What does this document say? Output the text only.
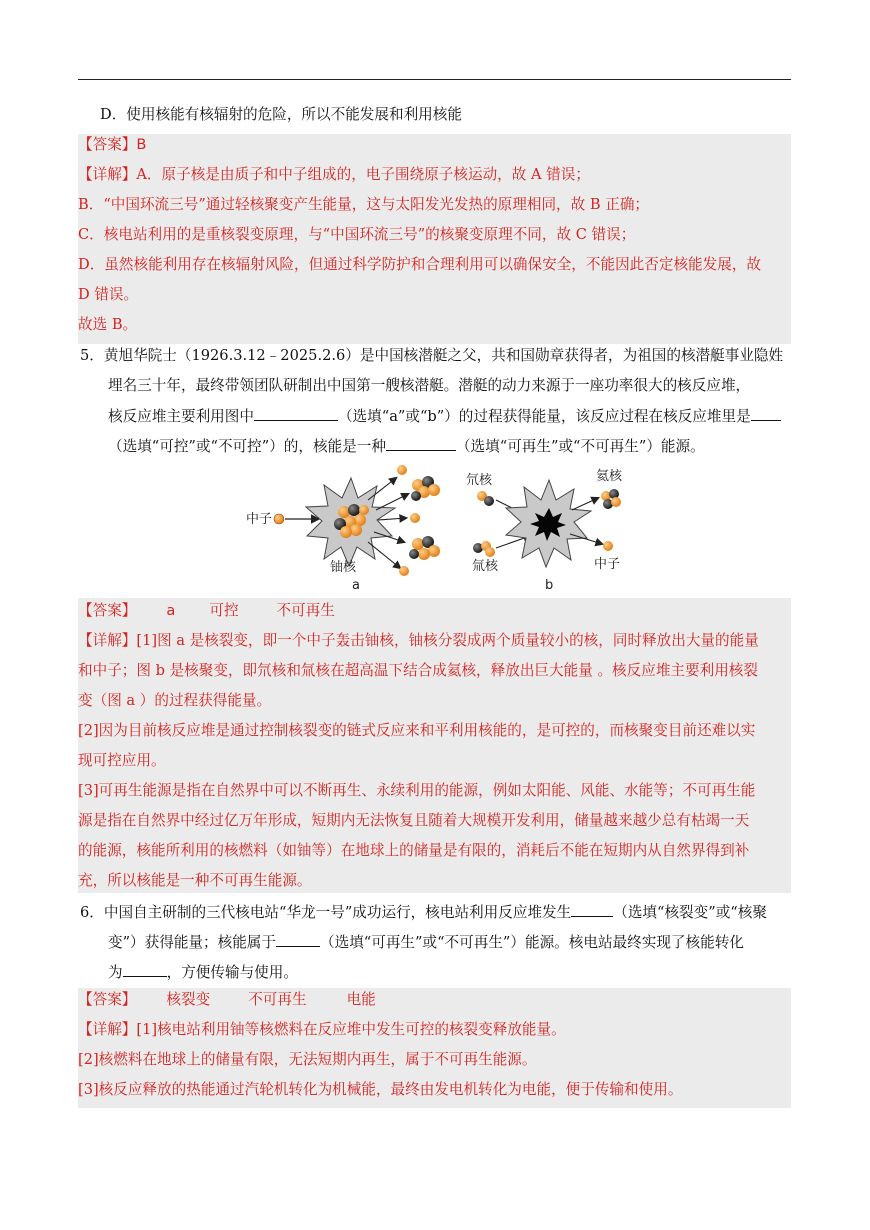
D．使用核能有核辐射的危险，所以不能发展和利用核能
【答案】B
【详解】A．原子核是由质子和中子组成的，电子围绕原子核运动，故 A 错误；
B．“中国环流三号”通过轻核聚变产生能量，这与太阳发光发热的原理相同，故 B 正确；
C．核电站利用的是重核裂变原理，与“中国环流三号”的核聚变原理不同，故 C 错误；
D．虽然核能利用存在核辐射风险，但通过科学防护和合理利用可以确保安全，不能因此否定核能发展，故
D 错误。
故选 B。
5．黄旭华院士（1926.3.12﹣2025.2.6）是中国核潜艇之父，共和国勋章获得者，为祖国的核潜艇事业隐姓
埋名三十年，最终带领团队研制出中国第一艘核潜艇。潜艇的动力来源于一座功率很大的核反应堆，
核反应堆主要利用图中	（选填“a”或“b”）的过程获得能量，该反应过程在核反应堆里是
（选填“可控”或“不可控”）的，核能是一种	（选填“可再生”或“不可再生”）能源。
中子
铀核
a
氘核
氚核
氦核
中子
b
【答案】 a 可控	不可再生
【详解】[1]图 a 是核裂变，即一个中子轰击铀核，铀核分裂成两个质量较小的核，同时释放出大量的能量
和中子；图 b 是核聚变，即氘核和氚核在超高温下结合成氦核，释放出巨大能量 。核反应堆主要利用核裂
变（图 a ）的过程获得能量。
[2]因为目前核反应堆是通过控制核裂变的链式反应来和平利用核能的，是可控的，而核聚变目前还难以实
现可控应用。
[3]可再生能源是指在自然界中可以不断再生、永续利用的能源，例如太阳能、风能、水能等；不可再生能
源是指在自然界中经过亿万年形成，短期内无法恢复且随着大规模开发利用，储量越来越少总有枯竭一天
的能源，核能所利用的核燃料（如铀等）在地球上的储量是有限的，消耗后不能在短期内从自然界得到补
充，所以核能是一种不可再生能源。
6．中国自主研制的三代核电站“华龙一号”成功运行，核电站利用反应堆发生	（选填“核裂变”或“核聚
变”）获得能量；核能属于	（选填“可再生”或“不可再生”）能源。核电站最终实现了核能转化
为	，方便传输与使用。
【答案】 核裂变	不可再生	电能
【详解】[1]核电站利用铀等核燃料在反应堆中发生可控的核裂变释放能量。
[2]核燃料在地球上的储量有限，无法短期内再生，属于不可再生能源。
[3]核反应释放的热能通过汽轮机转化为机械能，最终由发电机转化为电能，便于传输和使用。
